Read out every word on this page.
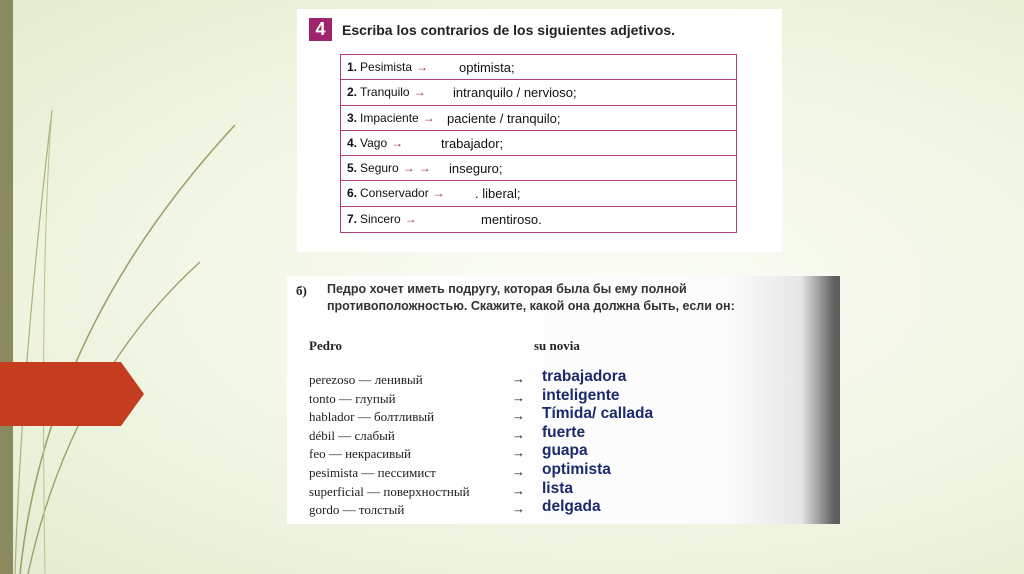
4	Escriba los contrarios de los siguientes adjetivos.
1. Pesimista → optimista;
2. Tranquilo → intranquilo / nervioso;
3. Impaciente → paciente / tranquilo;
4. Vago →	trabajador;
5. Seguro → → inseguro;
6. Conservador → . liberal;
7. Sincero →	mentiroso.
б) Педро хочет иметь подругу, которая была бы ему полной противоположностью. Скажите, какой она должна быть, если он:
Pedro	su novia
perezoso — ленивый	→ trabajadora
tonto — глупый	→ inteligente
hablador — болтливый	→ Tímida/ callada
débil — слабый	→ fuerte
feo — некрасивый	→ guapa
pesimista — пессимист	→ optimista
superficial — поверхностный	→ lista
gordo — толстый	→ delgada
